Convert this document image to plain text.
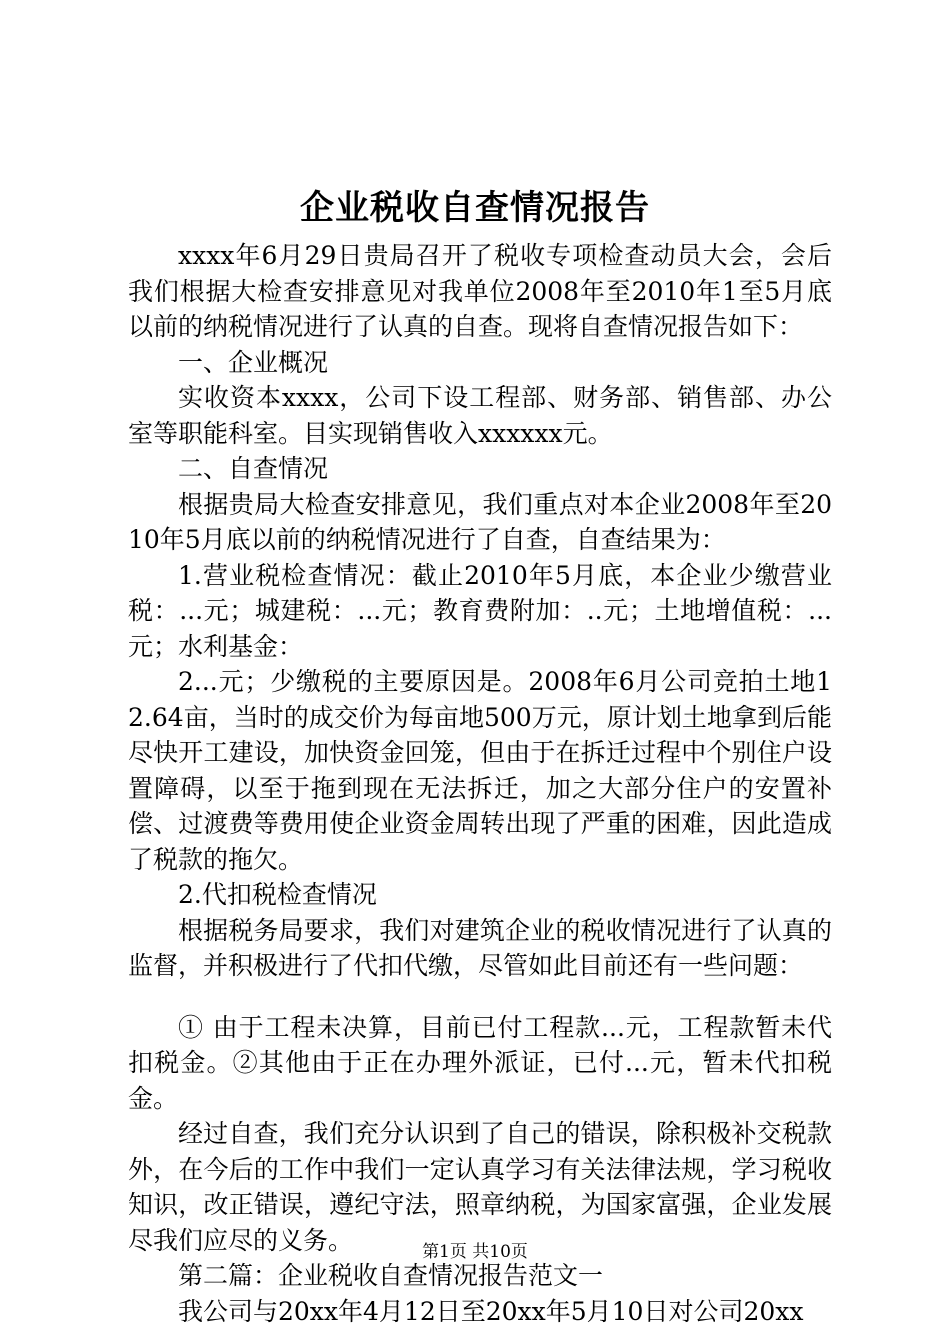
企业税收自查情况报告

xxxx年6月29日贵局召开了税收专项检查动员大会，会后我们根据大检查安排意见对我单位2008年至2010年1至5月底以前的纳税情况进行了认真的自查。现将自查情况报告如下：

一、企业概况

实收资本xxxx，公司下设工程部、财务部、销售部、办公室等职能科室。目实现销售收入xxxxxx元。

二、自查情况

根据贵局大检查安排意见，我们重点对本企业2008年至2010年5月底以前的纳税情况进行了自查，自查结果为：

1.营业税检查情况：截止2010年5月底，本企业少缴营业税：...元；城建税：...元；教育费附加：..元；土地增值税：...元；水利基金：

2...元；少缴税的主要原因是。2008年6月公司竞拍土地12.64亩，当时的成交价为每亩地500万元，原计划土地拿到后能尽快开工建设，加快资金回笼，但由于在拆迁过程中个别住户设置障碍，以至于拖到现在无法拆迁，加之大部分住户的安置补偿、过渡费等费用使企业资金周转出现了严重的困难，因此造成了税款的拖欠。

2.代扣税检查情况

根据税务局要求，我们对建筑企业的税收情况进行了认真的监督，并积极进行了代扣代缴，尽管如此目前还有一些问题：

① 由于工程未决算，目前已付工程款...元，工程款暂未代扣税金。②其他由于正在办理外派证，已付...元，暂未代扣税金。

经过自查，我们充分认识到了自己的错误，除积极补交税款外，在今后的工作中我们一定认真学习有关法律法规，学习税收知识，改正错误，遵纪守法，照章纳税，为国家富强，企业发展尽我们应尽的义务。

第二篇：企业税收自查情况报告范文一

我公司与20xx年4月12日至20xx年5月10日对公司20xx

第1页 共10页
